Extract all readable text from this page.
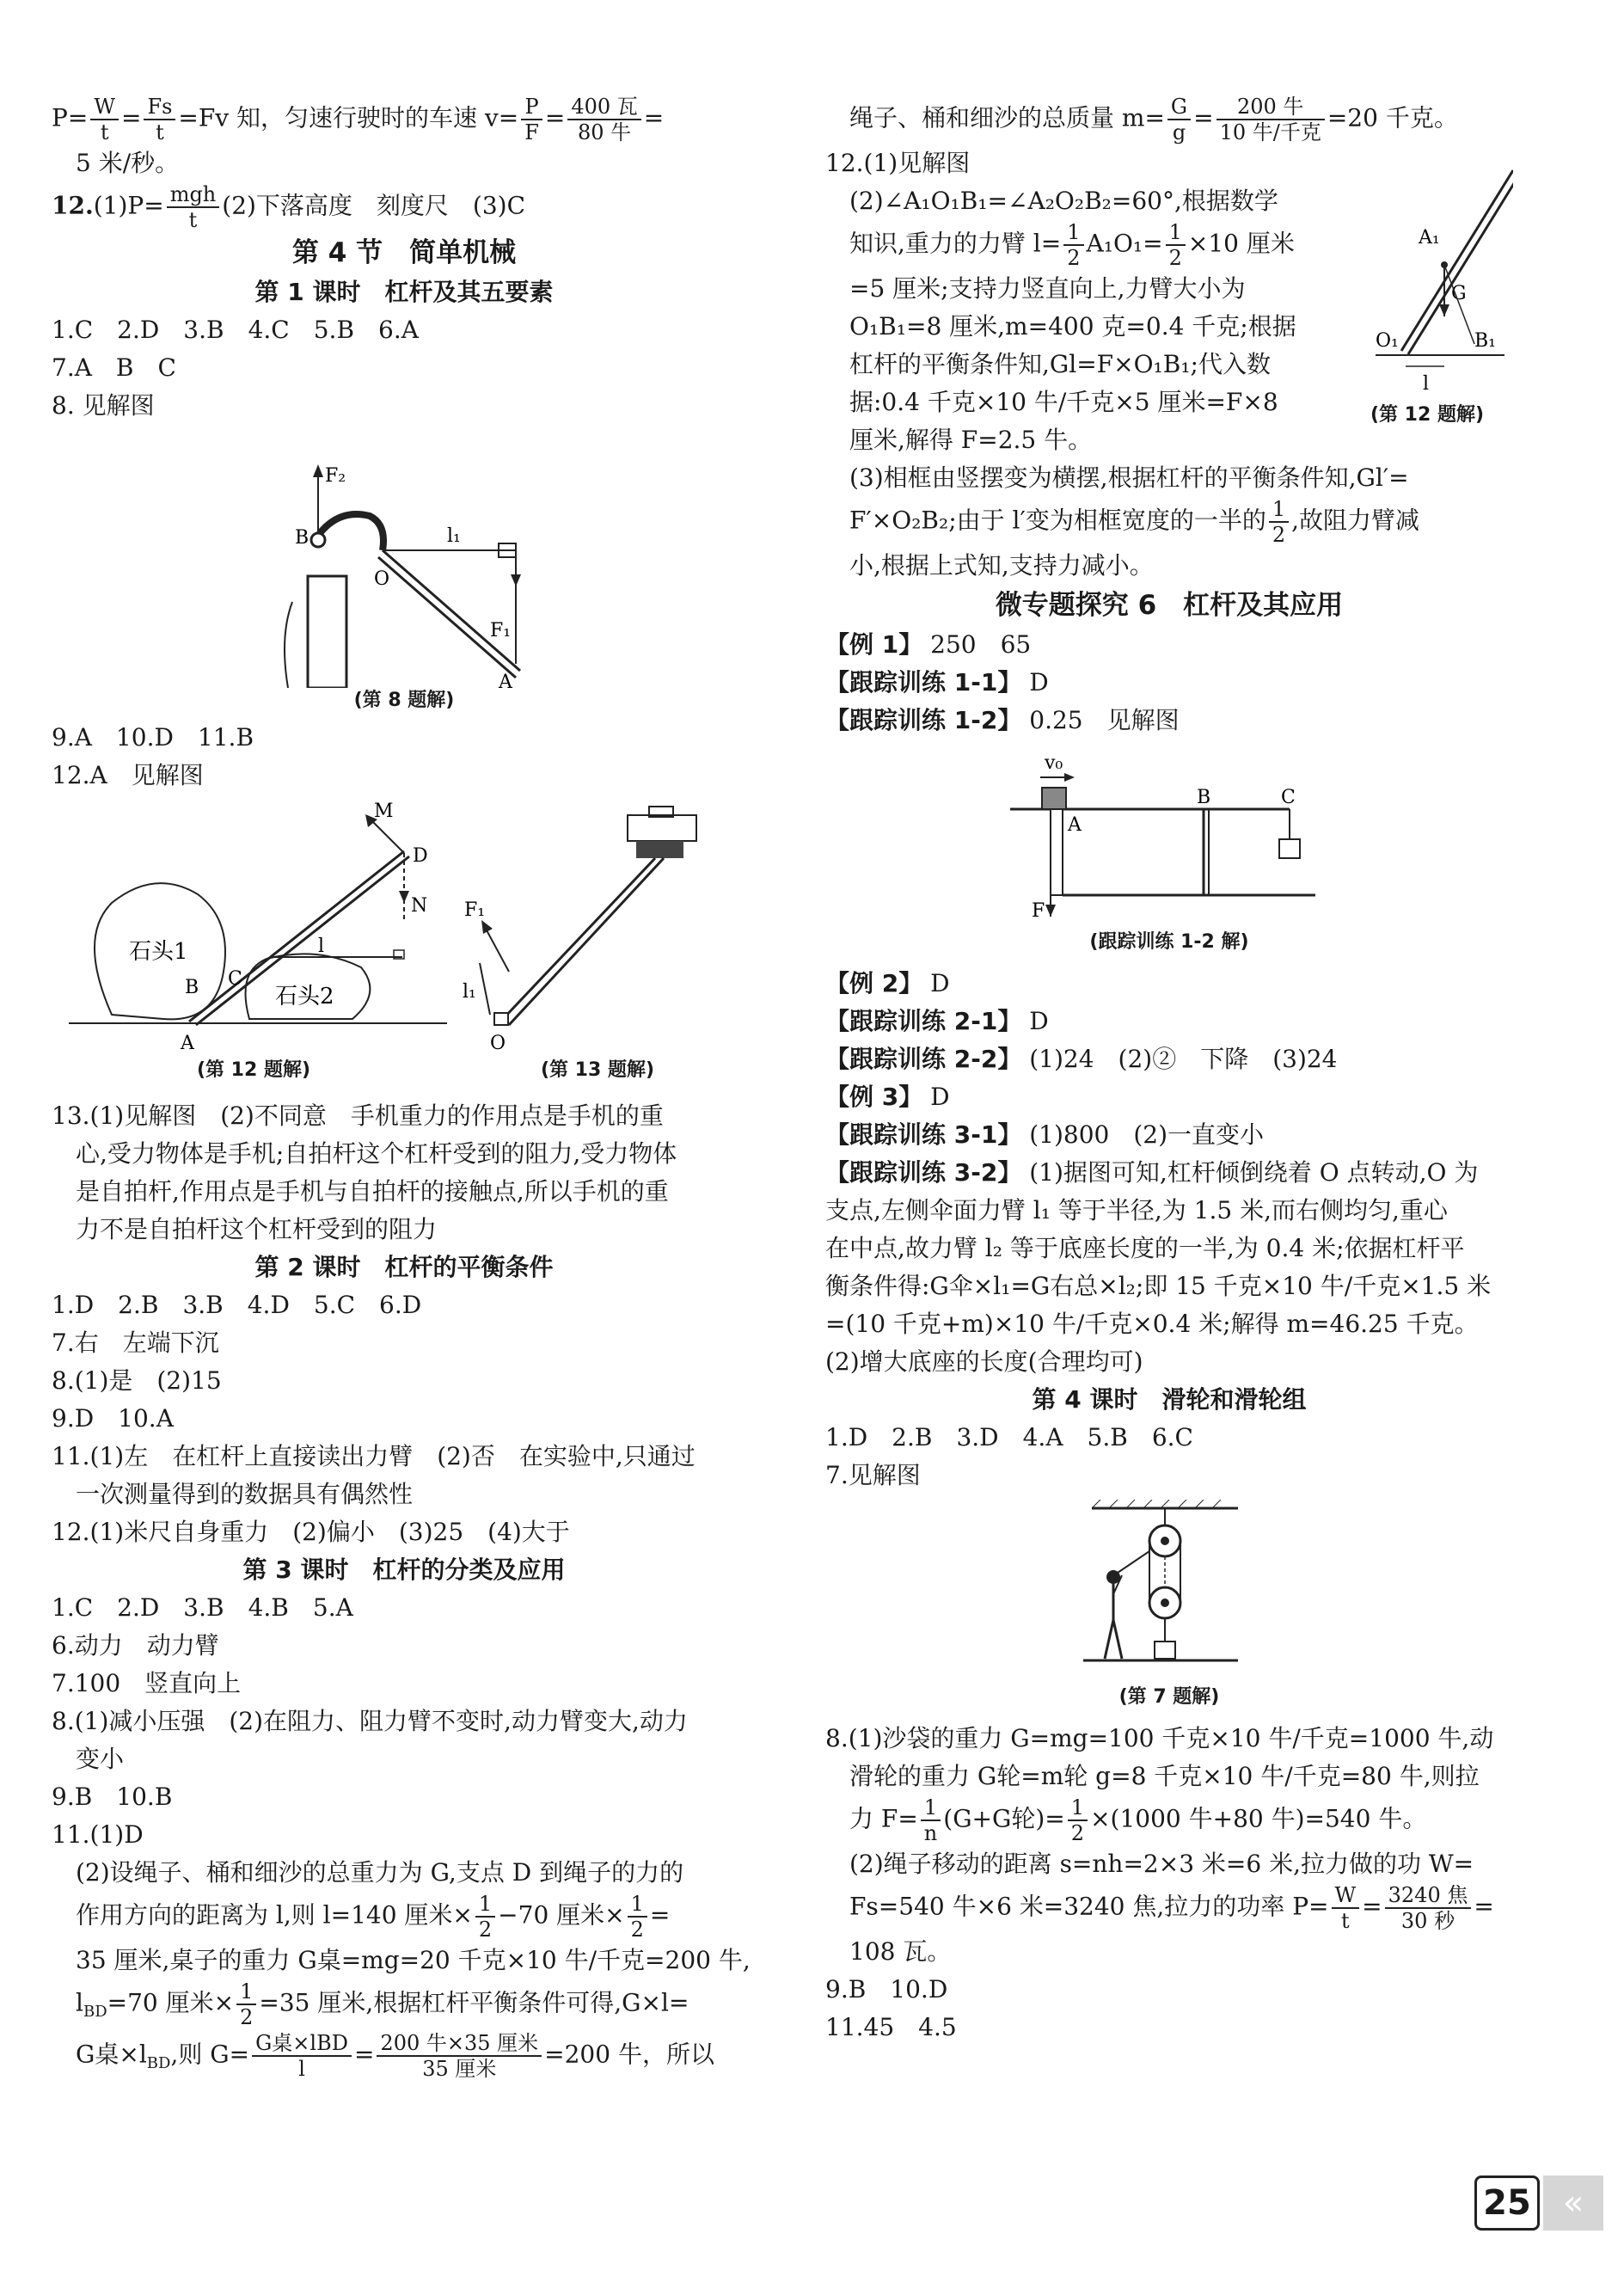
$P= \frac{W}{t} = \frac{Fs}{t} =Fv$ 知，匀速行驶时的车速 $v= \frac{P}{F} = 400$ 瓦
80 牛
=
5 米/秒。
12.(1)P= mgh
t
(2)下落高度　刻度尺　(3)C
第 4 节　简单机械
第 1 课时　杠杆及其五要素
1.C　2.D　3.B　4.C　5.B　6.A
7.A　B　C
8. 见解图
F₂
B
O
l₁
F₁
A
(第 8 题解)
9.A　10.D　11.B
12.A　见解图
石头1
石头2
D
M
N
l
C
B
A
(第 12 题解)
F₁
l₁
O
(第 13 题解)
13.(1)见解图　(2)不同意　手机重力的作用点是手机的重
心,受力物体是手机;自拍杆这个杠杆受到的阻力,受力物体
是自拍杆,作用点是手机与自拍杆的接触点,所以手机的重
力不是自拍杆这个杠杆受到的阻力
第 2 课时　杠杆的平衡条件
1.D　2.B　3.B　4.D　5.C　6.D
7.右　左端下沉
8.(1)是　(2)15
9.D　10.A
11.(1)左　在杠杆上直接读出力臂　(2)否　在实验中,只通过
一次测量得到的数据具有偶然性
12.(1)米尺自身重力　(2)偏小　(3)25　(4)大于
第 3 课时　杠杆的分类及应用
1.C　2.D　3.B　4.B　5.A
6.动力　动力臂
7.100　竖直向上
8.(1)减小压强　(2)在阻力、阻力臂不变时,动力臂变大,动力
变小
9.B　10.B
11.(1)D
(2)设绳子、桶和细沙的总重力为 G,支点 D 到绳子的力的
作用方向的距离为 l,则 l=140 厘米× $\frac{1}{2} -70$ 厘米× $\frac{1}{2}$ =
35 厘米,桌子的重力 G桌=mg=20 千克×10 牛/千克=200 牛,
$l_{BD}=70$ 厘米× $\frac{1}{2} =35$ 厘米,根据杠杆平衡条件可得,G×l=
G桌$\times l_{BD}$,则 G= G桌×lBD
l
= 200 牛×35 厘米
35 厘米
=200 牛，所以
绳子、桶和细沙的总质量 $m= \frac{G}{g}$ =	200 牛
10 牛/千克
=20 千克。
12.(1)见解图
(2)∠A₁O₁B₁=∠A₂O₂B₂=60°,根据数学
知识,重力的力臂 $l= \frac{1}{2} A_1O_1= \frac{1}{2} \times 10$ 厘米
=5 厘米;支持力竖直向上,力臂大小为
O₁B₁=8 厘米,m=400 克=0.4 千克;根据
杠杆的平衡条件知,Gl=F×O₁B₁;代入数
据:0.4 千克×10 牛/千克×5 厘米=F×8
厘米,解得 F=2.5 牛。
A₁
G
O₁	B₁
l
(第 12 题解)
(3)相框由竖摆变为横摆,根据杠杆的平衡条件知,Gl′=
F′×O₂B₂;由于 l′变为相框宽度的一半的 $\frac{1}{2}$ ,故阻力臂减
小,根据上式知,支持力减小。
微专题探究 6　杠杆及其应用
【例 1】 250　65
【跟踪训练 1-1】 D
【跟踪训练 1-2】 0.25　见解图
v₀
A
F
B	C
(跟踪训练 1-2 解)
【例 2】 D
【跟踪训练 2-1】 D
【跟踪训练 2-2】 (1)24　(2)②　下降　(3)24
【例 3】 D
【跟踪训练 3-1】 (1)800　(2)一直变小
【跟踪训练 3-2】 (1)据图可知,杠杆倾倒绕着 O 点转动,O 为
支点,左侧伞面力臂 l₁ 等于半径,为 1.5 米,而右侧均匀,重心
在中点,故力臂 l₂ 等于底座长度的一半,为 0.4 米;依据杠杆平
衡条件得:G伞×l₁=G右总×l₂;即 15 千克×10 牛/千克×1.5 米
=(10 千克+m)×10 牛/千克×0.4 米;解得 m=46.25 千克。
(2)增大底座的长度(合理均可)
第 4 课时　滑轮和滑轮组
1.D　2.B　3.D　4.A　5.B　6.C
7.见解图
(第 7 题解)
8.(1)沙袋的重力 G=mg=100 千克×10 牛/千克=1000 牛,动
滑轮的重力 G轮=m轮 g=8 千克×10 牛/千克=80 牛,则拉
力 $F= \frac{1}{n} (G+G$轮)= $\frac{1}{2} \times(1000$ 牛+80 牛)=540 牛。
(2)绳子移动的距离 s=nh=2×3 米=6 米,拉力做的功 W=
Fs=540 牛×6 米=3240 焦,拉力的功率 $P= \frac{W}{t} = 3240$ 焦
30 秒
=
108 瓦。
9.B　10.D
11.45　4.5
25 «
